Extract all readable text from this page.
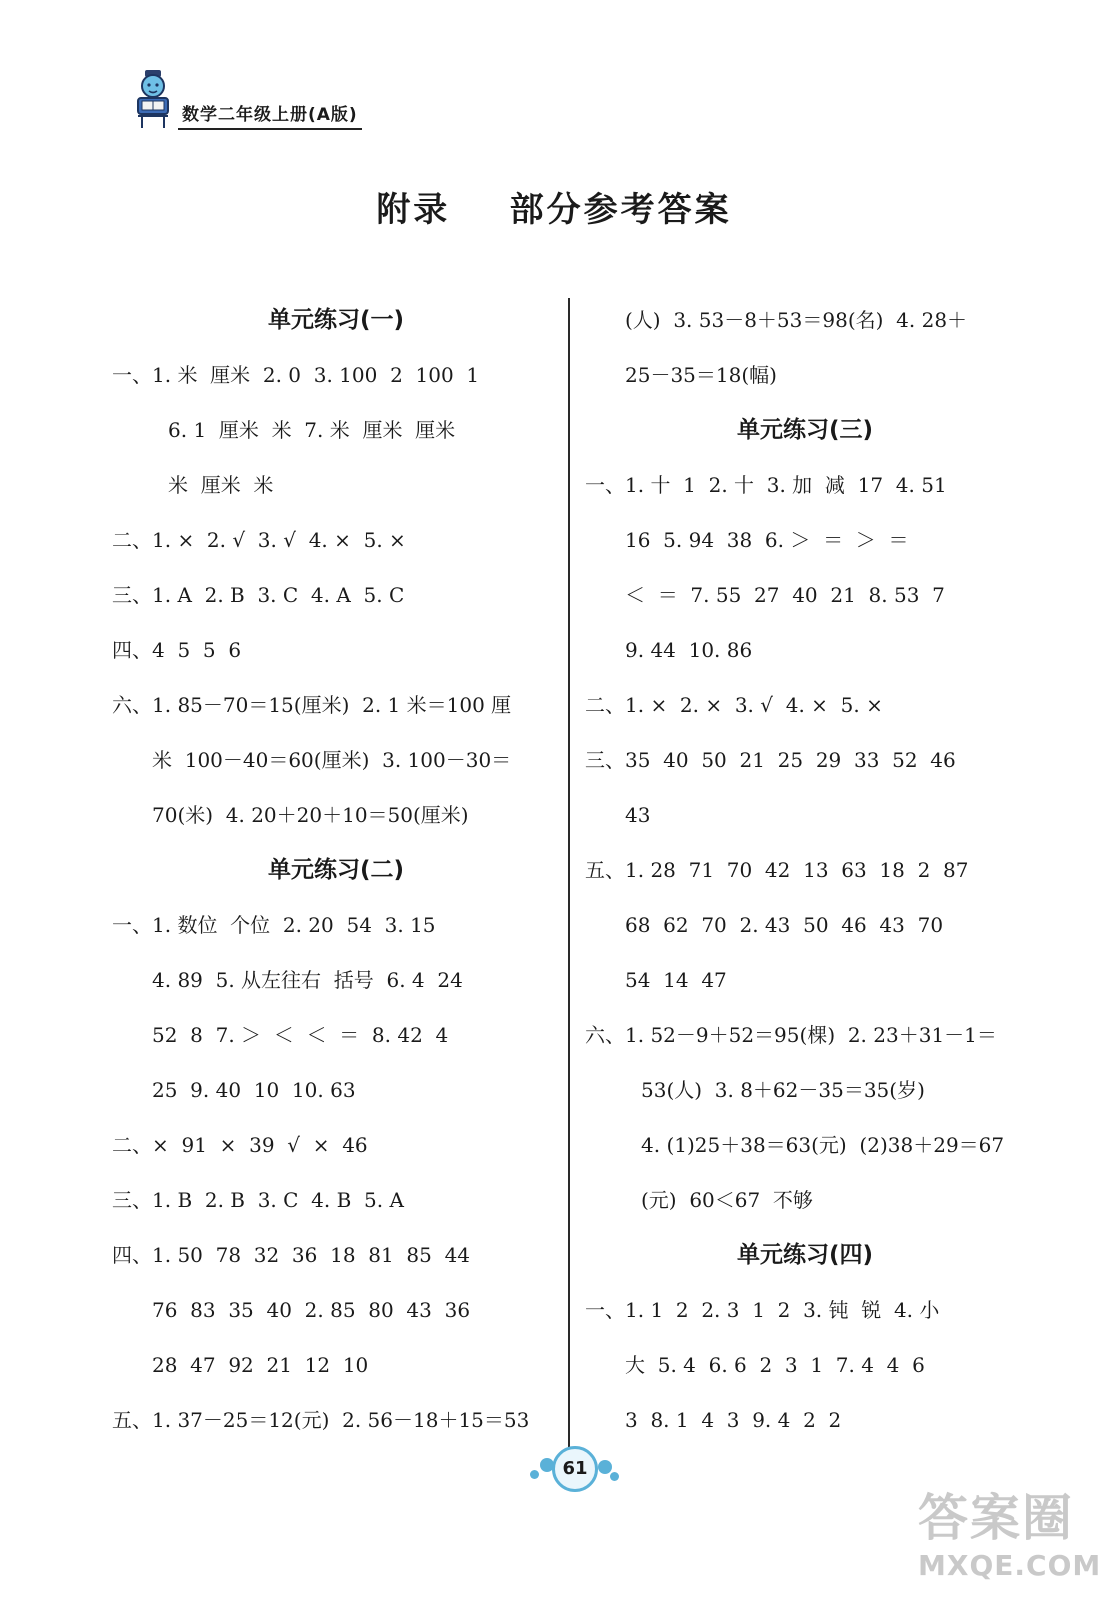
数学二年级上册(A版)
附录    部分参考答案
单元练习(一)
一、1. 米  厘米  2. 0  3. 100  2  100  1
6. 1  厘米  米  7. 米  厘米  厘米
米  厘米  米
二、1. ×  2. √  3. √  4. ×  5. ×
三、1. A  2. B  3. C  4. A  5. C
四、4  5  5  6
六、1. 85－70＝15(厘米)  2. 1 米＝100 厘
米  100－40＝60(厘米)  3. 100－30＝
70(米)  4. 20＋20＋10＝50(厘米)
单元练习(二)
一、1. 数位  个位  2. 20  54  3. 15
4. 89  5. 从左往右  括号  6. 4  24
52  8  7. ＞  ＜  ＜  ＝  8. 42  4
25  9. 40  10  10. 63
二、×  91  ×  39  √  ×  46
三、1. B  2. B  3. C  4. B  5. A
四、1. 50  78  32  36  18  81  85  44
76  83  35  40  2. 85  80  43  36
28  47  92  21  12  10
五、1. 37－25＝12(元)  2. 56－18＋15＝53
(人)  3. 53－8＋53＝98(名)  4. 28＋
25－35＝18(幅)
单元练习(三)
一、1. 十  1  2. 十  3. 加  减  17  4. 51
16  5. 94  38  6. ＞  ＝  ＞  ＝
＜  ＝  7. 55  27  40  21  8. 53  7
9. 44  10. 86
二、1. ×  2. ×  3. √  4. ×  5. ×
三、35  40  50  21  25  29  33  52  46
43
五、1. 28  71  70  42  13  63  18  2  87
68  62  70  2. 43  50  46  43  70
54  14  47
六、1. 52－9＋52＝95(棵)  2. 23＋31－1＝
53(人)  3. 8＋62－35＝35(岁)
4. (1)25＋38＝63(元)  (2)38＋29＝67
(元)  60＜67  不够
单元练习(四)
一、1. 1  2  2. 3  1  2  3. 钝  锐  4. 小
大  5. 4  6. 6  2  3  1  7. 4  4  6
3  8. 1  4  3  9. 4  2  2
61
答案圈
MXQE.COM
